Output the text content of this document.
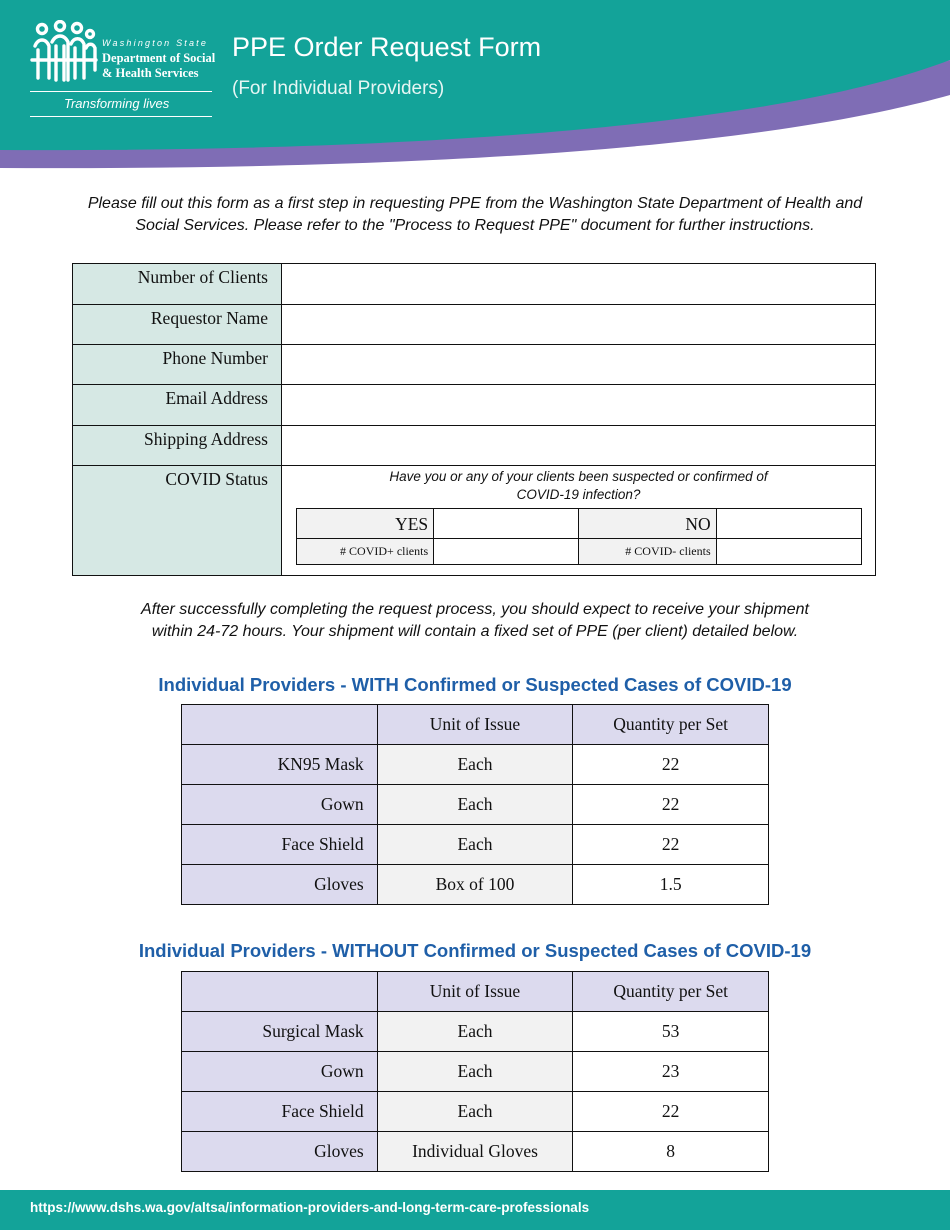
Washington State
Department of Social
& Health Services
Transforming lives
PPE Order Request Form
(For Individual Providers)
Please fill out this form as a first step in requesting PPE from the Washington State Department of Health and
Social Services. Please refer to the "Process to Request PPE" document for further instructions.
Number of Clients	
Requestor Name	
Phone Number	
Email Address	
Shipping Address	
COVID Status	Have you or any of your clients been suspected or confirmed of
COVID-19 infection?
YES		NO	
# COVID+ clients		# COVID- clients	
After successfully completing the request process, you should expect to receive your shipment
within 24-72 hours. Your shipment will contain a fixed set of PPE (per client) detailed below.
Individual Providers - WITH Confirmed or Suspected Cases of COVID-19
	Unit of Issue	Quantity per Set
KN95 Mask	Each	22
Gown	Each	22
Face Shield	Each	22
Gloves	Box of 100	1.5
Individual Providers - WITHOUT Confirmed or Suspected Cases of COVID-19
	Unit of Issue	Quantity per Set
Surgical Mask	Each	53
Gown	Each	23
Face Shield	Each	22
Gloves	Individual Gloves	8
https://www.dshs.wa.gov/altsa/information-providers-and-long-term-care-professionals
